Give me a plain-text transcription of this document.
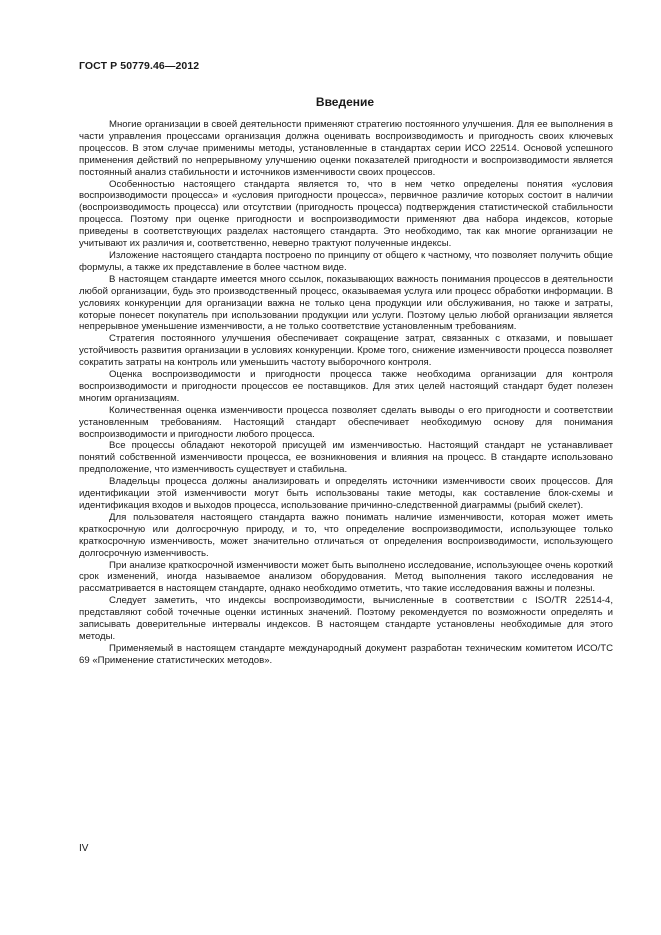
ГОСТ Р 50779.46—2012
Введение

Многие организации в своей деятельности применяют стратегию постоянного улучшения. Для ее выполнения в части управления процессами организация должна оценивать воспроизводимость и пригодность своих ключевых процессов. В этом случае применимы методы, установленные в стандартах серии ИСО 22514. Основой успешного применения действий по непрерывному улучшению оценки показателей пригодности и воспроизводимости является постоянный анализ стабильности и источников изменчивости своих процессов.

Особенностью настоящего стандарта является то, что в нем четко определены понятия «условия воспроизводимости процесса» и «условия пригодности процесса», первичное различие которых состоит в наличии (воспроизводимость процесса) или отсутствии (пригодность процесса) подтверждения статистической стабильности процесса. Поэтому при оценке пригодности и воспроизводимости применяют два набора индексов, которые приведены в соответствующих разделах настоящего стандарта. Это необходимо, так как многие организации не учитывают их различия и, соответственно, неверно трактуют полученные индексы.

Изложение настоящего стандарта построено по принципу от общего к частному, что позволяет получить общие формулы, а также их представление в более частном виде.

В настоящем стандарте имеется много ссылок, показывающих важность понимания процессов в деятельности любой организации, будь это производственный процесс, оказываемая услуга или процесс обработки информации. В условиях конкуренции для организации важна не только цена продукции или обслуживания, но также и затраты, которые понесет покупатель при использовании продукции или услуги. Поэтому целью любой организации является непрерывное уменьшение изменчивости, а не только соответствие установленным требованиям.

Стратегия постоянного улучшения обеспечивает сокращение затрат, связанных с отказами, и повышает устойчивость развития организации в условиях конкуренции. Кроме того, снижение изменчивости процесса позволяет сократить затраты на контроль или уменьшить частоту выборочного контроля.

Оценка воспроизводимости и пригодности процесса также необходима организации для контроля воспроизводимости и пригодности процессов ее поставщиков. Для этих целей настоящий стандарт будет полезен многим организациям.

Количественная оценка изменчивости процесса позволяет сделать выводы о его пригодности и соответствии установленным требованиям. Настоящий стандарт обеспечивает необходимую основу для понимания воспроизводимости и пригодности любого процесса.

Все процессы обладают некоторой присущей им изменчивостью. Настоящий стандарт не устанавливает понятий собственной изменчивости процесса, ее возникновения и влияния на процесс. В стандарте использовано предположение, что изменчивость существует и стабильна.

Владельцы процесса должны анализировать и определять источники изменчивости своих процессов. Для идентификации этой изменчивости могут быть использованы такие методы, как составление блок-схемы и идентификация входов и выходов процесса, использование причинно-следственной диаграммы (рыбий скелет).

Для пользователя настоящего стандарта важно понимать наличие изменчивости, которая может иметь краткосрочную или долгосрочную природу, и то, что определение воспроизводимости, использующее только краткосрочную изменчивость, может значительно отличаться от определения воспроизводимости, использующего долгосрочную изменчивость.

При анализе краткосрочной изменчивости может быть выполнено исследование, использующее очень короткий срок изменений, иногда называемое анализом оборудования. Метод выполнения такого исследования не рассматривается в настоящем стандарте, однако необходимо отметить, что такие исследования важны и полезны.

Следует заметить, что индексы воспроизводимости, вычисленные в соответствии с ISO/TR 22514-4, представляют собой точечные оценки истинных значений. Поэтому рекомендуется по возможности определять и записывать доверительные интервалы индексов. В настоящем стандарте установлены необходимые для этого методы.

Применяемый в настоящем стандарте международный документ разработан техническим комитетом ИСО/ТС 69 «Применение статистических методов».

IV
